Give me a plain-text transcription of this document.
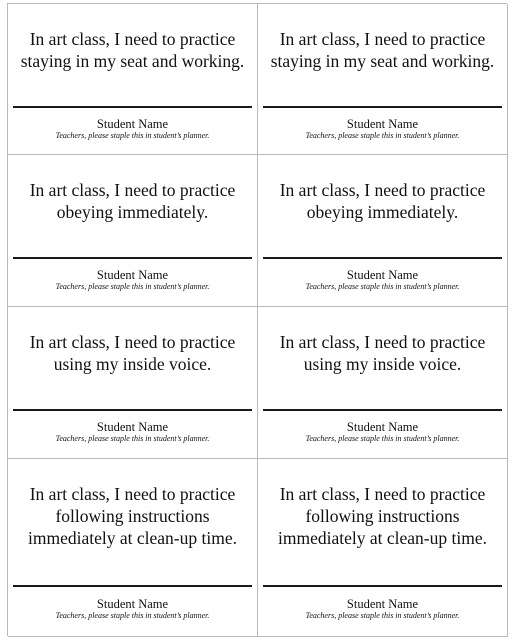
In art class, I need to practice
staying in my seat and working.
Student Name
Teachers, please staple this in student’s planner.
In art class, I need to practice
staying in my seat and working.
Student Name
Teachers, please staple this in student’s planner.
In art class, I need to practice
obeying immediately.
Student Name
Teachers, please staple this in student’s planner.
In art class, I need to practice
obeying immediately.
Student Name
Teachers, please staple this in student’s planner.
In art class, I need to practice
using my inside voice.
Student Name
Teachers, please staple this in student’s planner.
In art class, I need to practice
using my inside voice.
Student Name
Teachers, please staple this in student’s planner.
In art class, I need to practice
following instructions
immediately at clean-up time.
Student Name
Teachers, please staple this in student’s planner.
In art class, I need to practice
following instructions
immediately at clean-up time.
Student Name
Teachers, please staple this in student’s planner.
